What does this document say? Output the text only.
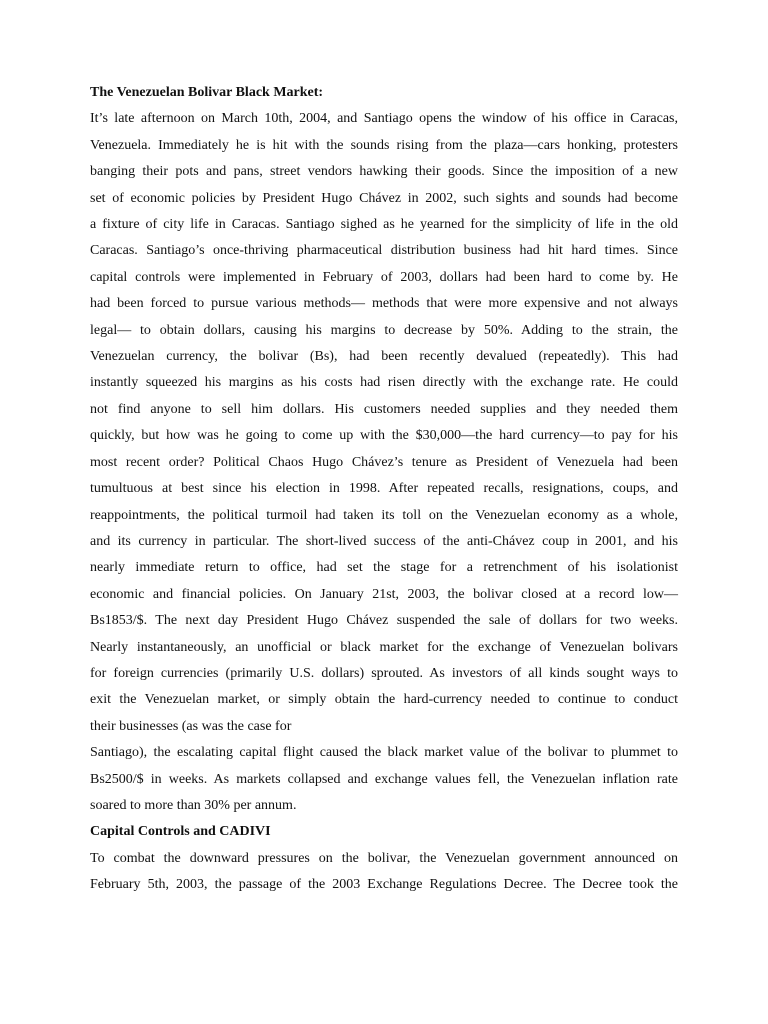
The Venezuelan Bolivar Black Market:

It’s late afternoon on March 10th, 2004, and Santiago opens the window of his office in Caracas,
Venezuela. Immediately he is hit with the sounds rising from the plaza—cars honking, protesters
banging their pots and pans, street vendors hawking their goods. Since the imposition of a new
set of economic policies by President Hugo Chávez in 2002, such sights and sounds had become
a fixture of city life in Caracas. Santiago sighed as he yearned for the simplicity of life in the old
Caracas. Santiago’s once-thriving pharmaceutical distribution business had hit hard times. Since
capital controls were implemented in February of 2003, dollars had been hard to come by. He
had been forced to pursue various methods— methods that were more expensive and not always
legal— to obtain dollars, causing his margins to decrease by 50%. Adding to the strain, the
Venezuelan currency, the bolivar (Bs), had been recently devalued (repeatedly). This had
instantly squeezed his margins as his costs had risen directly with the exchange rate. He could
not find anyone to sell him dollars. His customers needed supplies and they needed them
quickly, but how was he going to come up with the $30,000—the hard currency—to pay for his
most recent order? Political Chaos Hugo Chávez’s tenure as President of Venezuela had been
tumultuous at best since his election in 1998. After repeated recalls, resignations, coups, and
reappointments, the political turmoil had taken its toll on the Venezuelan economy as a whole,
and its currency in particular. The short-lived success of the anti-Chávez coup in 2001, and his
nearly immediate return to office, had set the stage for a retrenchment of his isolationist
economic and financial policies. On January 21st, 2003, the bolivar closed at a record low—
Bs1853/$. The next day President Hugo Chávez suspended the sale of dollars for two weeks.
Nearly instantaneously, an unofficial or black market for the exchange of Venezuelan bolivars
for foreign currencies (primarily U.S. dollars) sprouted. As investors of all kinds sought ways to
exit the Venezuelan market, or simply obtain the hard-currency needed to continue to conduct
their businesses (as was the case for
Santiago), the escalating capital flight caused the black market value of the bolivar to plummet to
Bs2500/$ in weeks. As markets collapsed and exchange values fell, the Venezuelan inflation rate
soared to more than 30% per annum.

Capital Controls and CADIVI

To combat the downward pressures on the bolivar, the Venezuelan government announced on
February 5th, 2003, the passage of the 2003 Exchange Regulations Decree. The Decree took the
